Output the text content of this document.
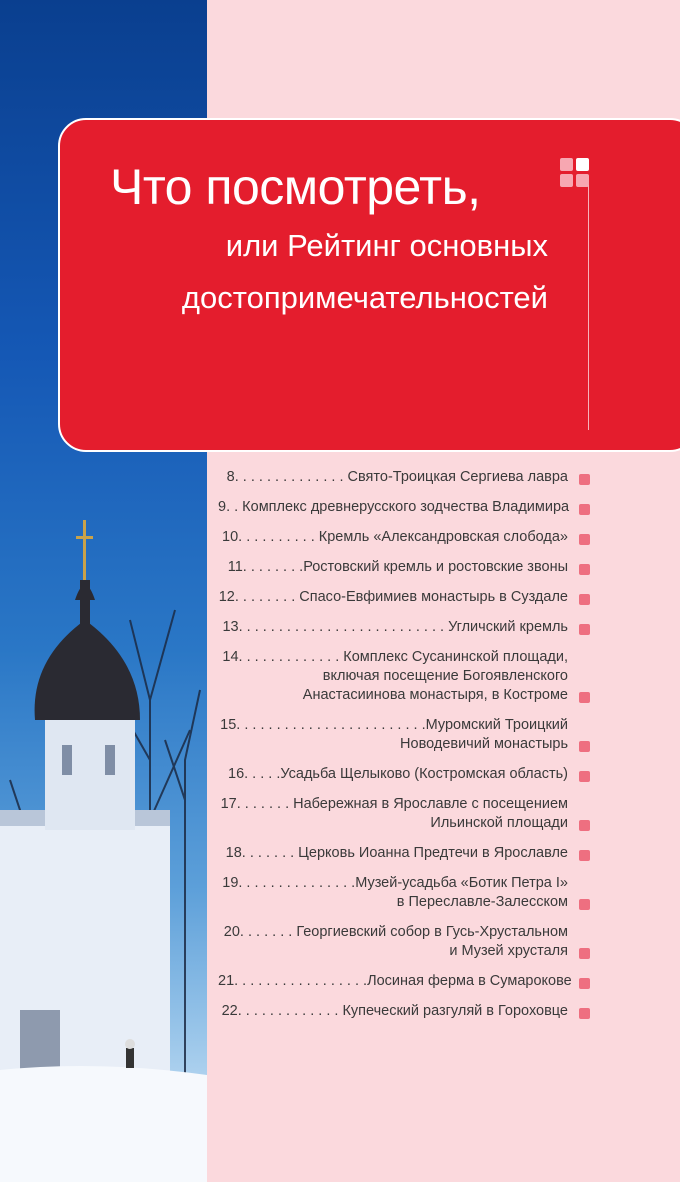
Что посмотреть,
или Рейтинг основных
достопримечательностей
8. . . . . . . . . . . . . . Свято-Троицкая Сергиева лавра
9. . Комплекс древнерусского зодчества Владимира
10. . . . . . . . . . Кремль «Александровская слобода»
11. . . . . . . .Ростовский кремль и ростовские звоны
12. . . . . . . . Спасо-Евфимиев монастырь в Суздале
13. . . . . . . . . . . . . . . . . . . . . . . . . . Угличский кремль
14. . . . . . . . . . . . . Комплекс Сусанинской площади,
включая посещение Богоявленского
Анастасиинова монастыря, в Костроме
15. . . . . . . . . . . . . . . . . . . . . . . .Муромский Троицкий
Новодевичий монастырь
16. . . . .Усадьба Щелыково (Костромская область)
17. . . . . . . Набережная в Ярославле с посещением
Ильинской площади
18. . . . . . . Церковь Иоанна Предтечи в Ярославле
19. . . . . . . . . . . . . . .Музей-усадьба «Ботик Петра I»
в Переславле-Залесском
20. . . . . . . Георгиевский собор в Гусь-Хрустальном
и Музей хрусталя
21. . . . . . . . . . . . . . . . .Лосиная ферма в Сумарокове
22. . . . . . . . . . . . . Купеческий разгуляй в Гороховце
